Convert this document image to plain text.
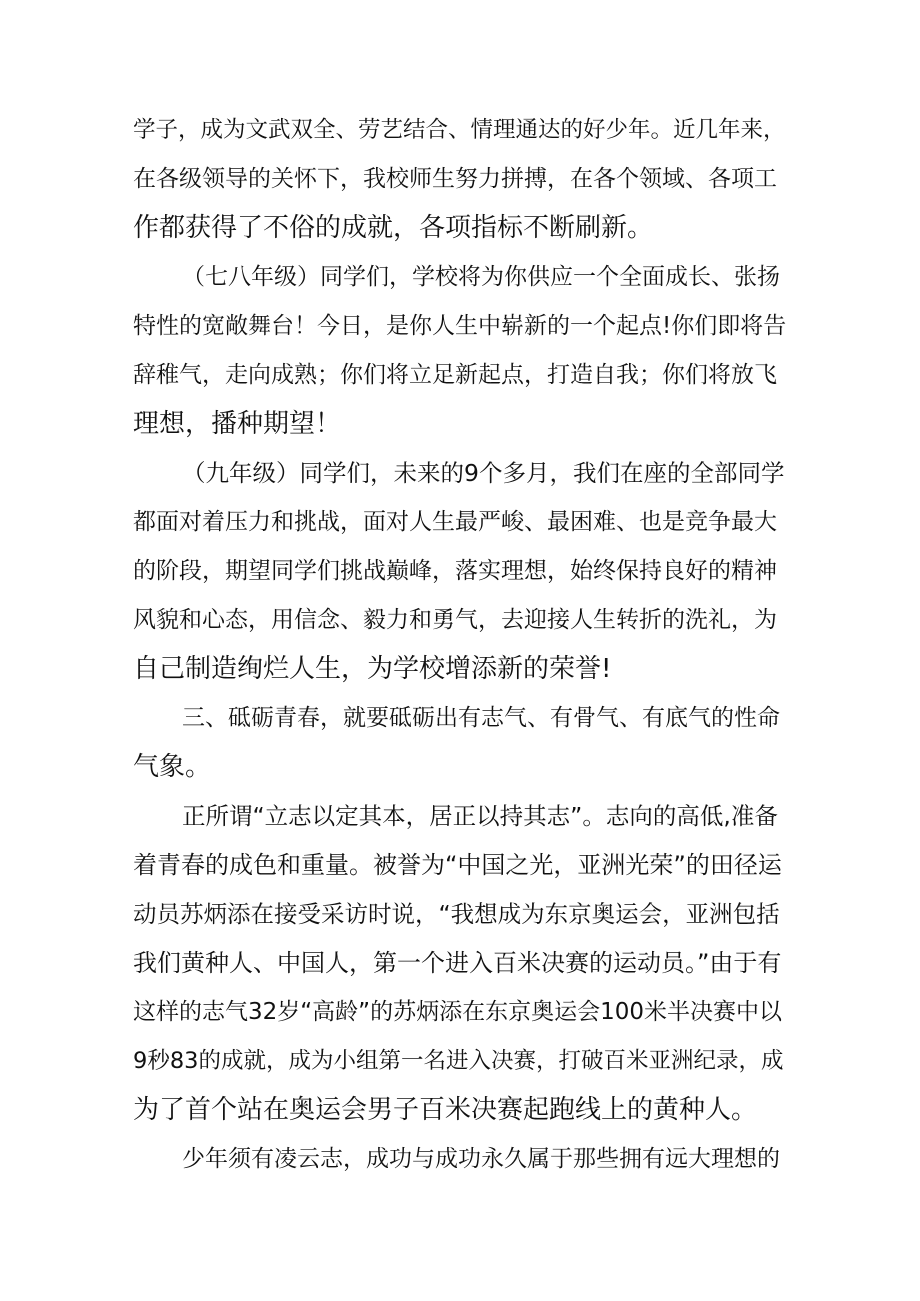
学子，成为文武双全、劳艺结合、情理通达的好少年。近几年来，
在各级领导的关怀下，我校师生努力拼搏，在各个领域、各项工
作都获得了不俗的成就，各项指标不断刷新。
（七八年级）同学们，学校将为你供应一个全面成长、张扬
特性的宽敞舞台！今日，是你人生中崭新的一个起点!你们即将告
辞稚气，走向成熟；你们将立足新起点，打造自我；你们将放飞
理想，播种期望！
（九年级）同学们，未来的9个多月，我们在座的全部同学
都面对着压力和挑战，面对人生最严峻、最困难、也是竞争最大
的阶段，期望同学们挑战巅峰，落实理想，始终保持良好的精神
风貌和心态，用信念、毅力和勇气，去迎接人生转折的洗礼，为
自己制造绚烂人生，为学校增添新的荣誉!
三、砥砺青春，就要砥砺出有志气、有骨气、有底气的性命
气象。
正所谓“立志以定其本，居正以持其志”。志向的高低,准备
着青春的成色和重量。被誉为“中国之光，亚洲光荣”的田径运
动员苏炳添在接受采访时说，“我想成为东京奥运会，亚洲包括
我们黄种人、中国人，第一个进入百米决赛的运动员。”由于有
这样的志气32岁“高龄”的苏炳添在东京奥运会100米半决赛中以
9秒83的成就，成为小组第一名进入决赛，打破百米亚洲纪录，成
为了首个站在奥运会男子百米决赛起跑线上的黄种人。
少年须有凌云志，成功与成功永久属于那些拥有远大理想的
